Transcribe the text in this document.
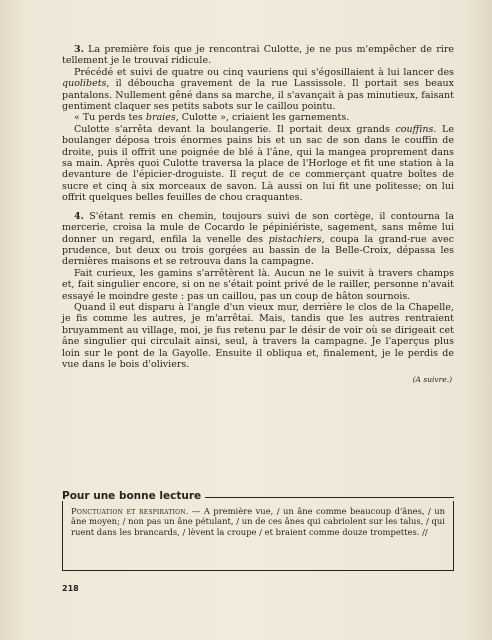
3. La première fois que je rencontrai Culotte, je ne pus m'empêcher de rire tellement je le trouvai ridicule.

Précédé et suivi de quatre ou cinq vauriens qui s'égosillaient à lui lancer des quolibets, il déboucha gravement de la rue Lassissole. Il portait ses beaux pantalons. Nullement gêné dans sa marche, il s'avançait à pas minutieux, faisant gentiment claquer ses petits sabots sur le caillou pointu.

« Tu perds tes braies, Culotte », criaient les garnements.

Culotte s'arrêta devant la boulangerie. Il portait deux grands couffins. Le boulanger déposa trois énormes pains bis et un sac de son dans le couffin de droite, puis il offrit une poignée de blé à l'âne, qui la mangea proprement dans sa main. Après quoi Culotte traversa la place de l'Horloge et fit une station à la devanture de l'épicier-droguiste. Il reçut de ce commerçant quatre boîtes de sucre et cinq à six morceaux de savon. Là aussi on lui fit une politesse; on lui offrit quelques belles feuilles de chou craquantes.

4. S'étant remis en chemin, toujours suivi de son cortège, il contourna la mercerie, croisa la mule de Cocardo le pépiniériste, sagement, sans même lui donner un regard, enfila la venelle des pistachiers, coupa la grand-rue avec prudence, but deux ou trois gorgées au bassin de la Belle-Croix, dépassa les dernières maisons et se retrouva dans la campagne.

Fait curieux, les gamins s'arrêtèrent là. Aucun ne le suivit à travers champs et, fait singulier encore, si on ne s'était point privé de le railler, personne n'avait essayé le moindre geste : pas un caillou, pas un coup de bâton sournois.

Quand il eut disparu à l'angle d'un vieux mur, derrière le clos de la Chapelle, je fis comme les autres, je m'arrêtai. Mais, tandis que les autres rentraient bruyamment au village, moi, je fus retenu par le désir de voir où se dirigeait cet âne singulier qui circulait ainsi, seul, à travers la campagne. Je l'aperçus plus loin sur le pont de la Gayolle. Ensuite il obliqua et, finalement, je le perdis de vue dans le bois d'oliviers.

(A suivre.)
Pour une bonne lecture
Ponctuation et respiration. — A première vue, / un âne comme beaucoup d'ânes, / un âne moyen; / non pas un âne pétulant, / un de ces ânes qui cabriolent sur les talus, / qui ruent dans les brancards, / lèvent la croupe / et braient comme douze trompettes. //
218
